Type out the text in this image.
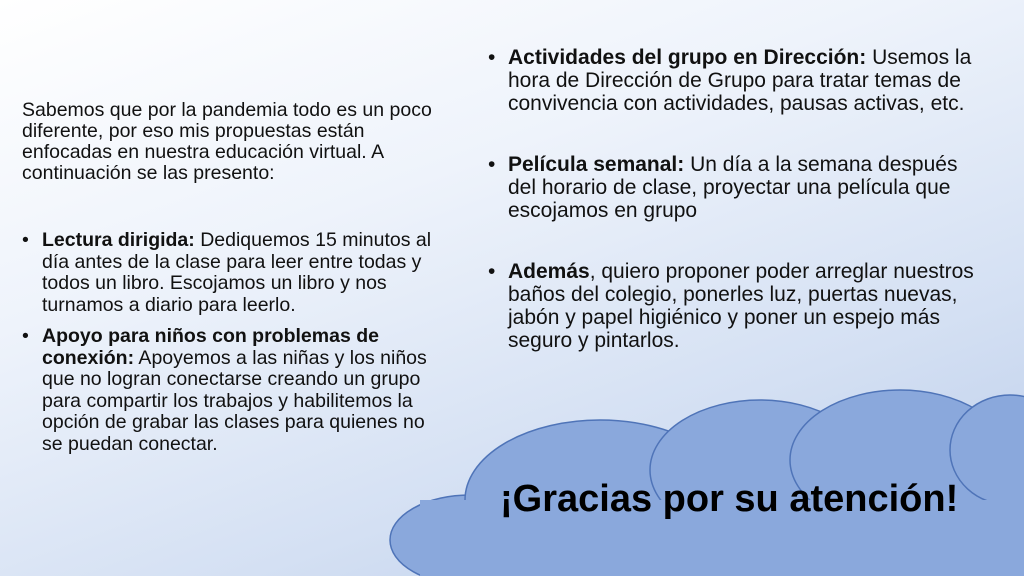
Sabemos que por la pandemia todo es un poco diferente, por eso mis propuestas están enfocadas en nuestra educación virtual. A continuación se las presento:

• Lectura dirigida: Dediquemos 15 minutos al día antes de la clase para leer entre todas y todos un libro. Escojamos un libro y nos turnamos a diario para leerlo.
• Apoyo para niños con problemas de conexión: Apoyemos a las niñas y los niños que no logran conectarse creando un grupo para compartir los trabajos y habilitemos la opción de grabar las clases para quienes no se puedan conectar.
• Actividades del grupo en Dirección: Usemos la hora de Dirección de Grupo para tratar temas de convivencia con actividades, pausas activas, etc.
• Película semanal: Un día a la semana después del horario de clase, proyectar una película que escojamos en grupo
• Además, quiero proponer poder arreglar nuestros baños del colegio, ponerles luz, puertas nuevas, jabón y papel higiénico y poner un espejo más seguro y pintarlos.
¡Gracias por su atención!
